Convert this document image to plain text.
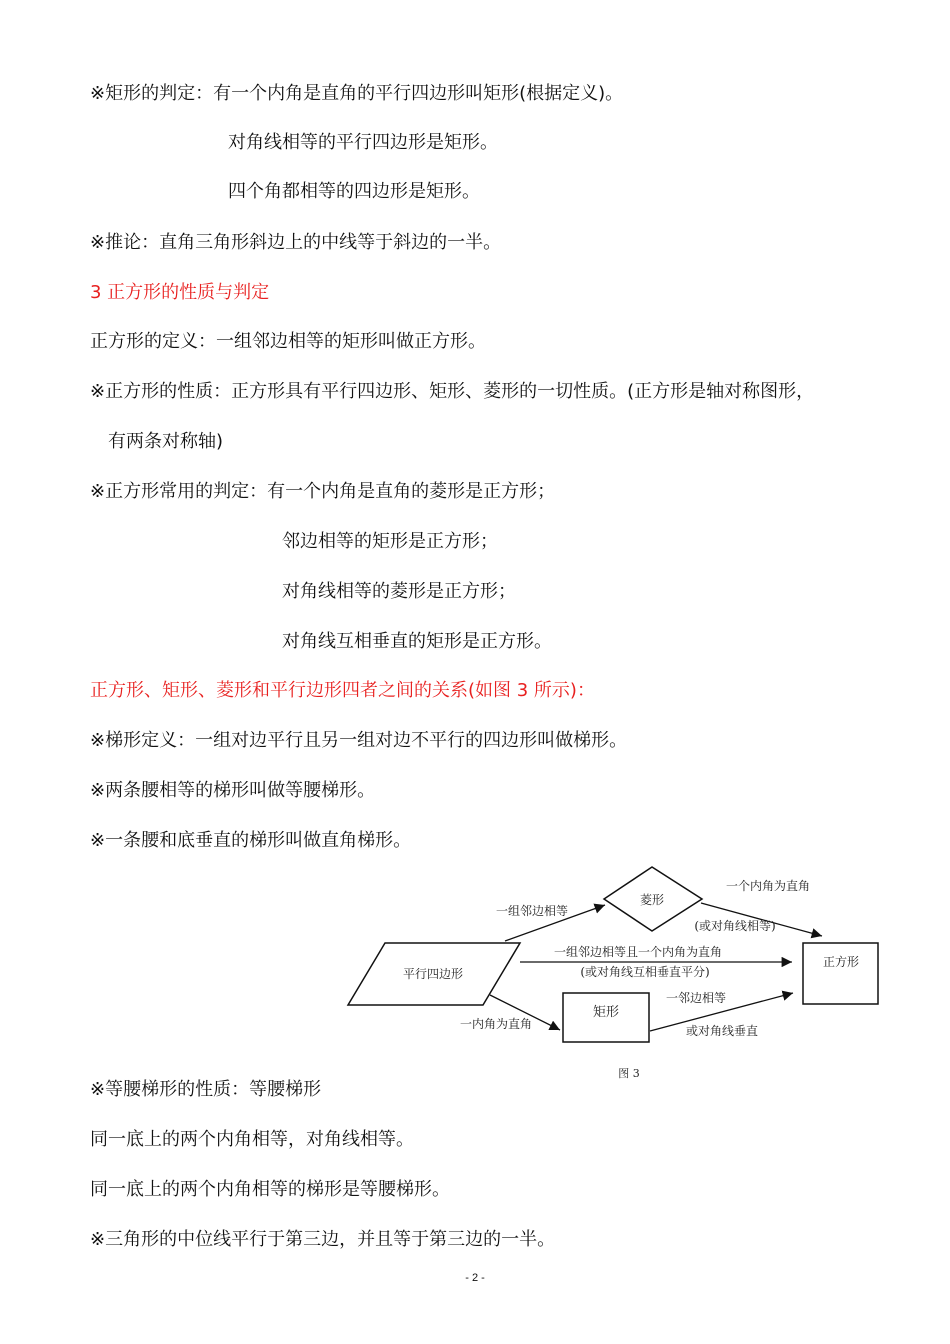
※矩形的判定：有一个内角是直角的平行四边形叫矩形(根据定义)。
对角线相等的平行四边形是矩形。
四个角都相等的四边形是矩形。
※推论：直角三角形斜边上的中线等于斜边的一半。
3 正方形的性质与判定
正方形的定义：一组邻边相等的矩形叫做正方形。
※正方形的性质：正方形具有平行四边形、矩形、菱形的一切性质。(正方形是轴对称图形，
有两条对称轴)
※正方形常用的判定：有一个内角是直角的菱形是正方形；
邻边相等的矩形是正方形；
对角线相等的菱形是正方形；
对角线互相垂直的矩形是正方形。
正方形、矩形、菱形和平行边形四者之间的关系(如图 3 所示)：
※梯形定义：一组对边平行且另一组对边不平行的四边形叫做梯形。
※两条腰相等的梯形叫做等腰梯形。
※一条腰和底垂直的梯形叫做直角梯形。
平行四边形
菱形
矩形
正方形
一组邻边相等
一个内角为直角
(或对角线相等)
一组邻边相等且一个内角为直角
(或对角线互相垂直平分)
一内角为直角
一邻边相等
或对角线垂直
图 3
※等腰梯形的性质：等腰梯形
同一底上的两个内角相等，对角线相等。
同一底上的两个内角相等的梯形是等腰梯形。
※三角形的中位线平行于第三边，并且等于第三边的一半。
- 2 -
